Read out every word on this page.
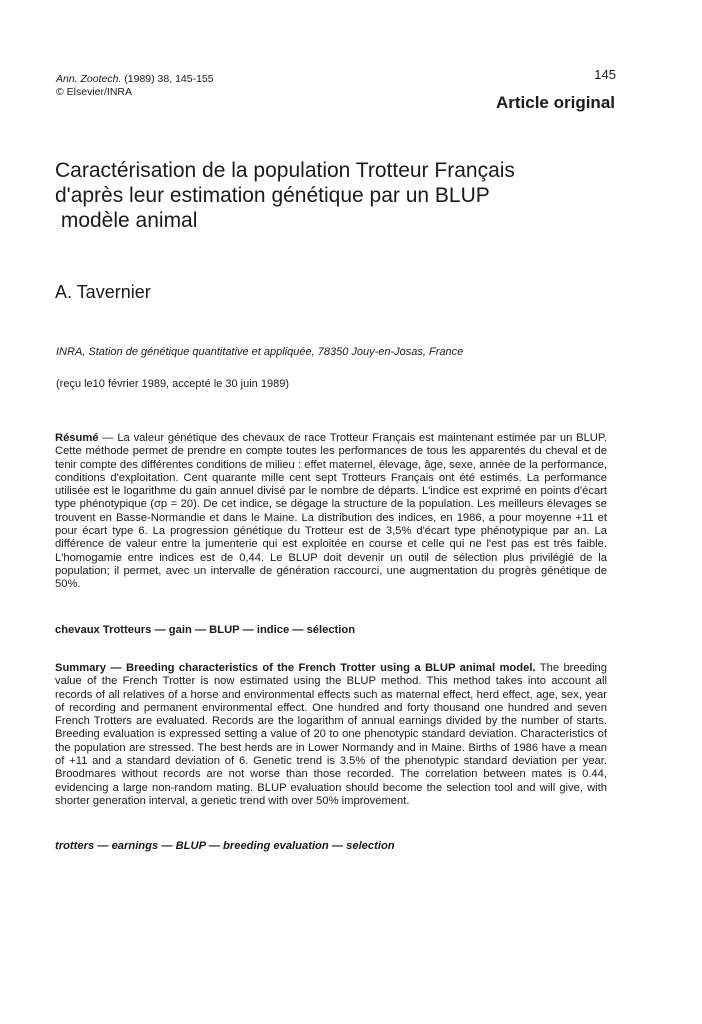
Ann. Zootech. (1989) 38, 145-155
© Elsevier/INRA
145
Article original
Caractérisation de la population Trotteur Français
d'après leur estimation génétique par un BLUP
modèle animal
A. Tavernier
INRA, Station de génétique quantitative et appliquée, 78350 Jouy-en-Josas, France
(reçu le10 février 1989, accepté le 30 juin 1989)
Résumé — La valeur génétique des chevaux de race Trotteur Français est maintenant estimée par un BLUP. Cette méthode permet de prendre en compte toutes les performances de tous les apparentés du cheval et de tenir compte des différentes conditions de milieu : effet maternel, élevage, âge, sexe, année de la performance, conditions d'exploitation. Cent quarante mille cent sept Trotteurs Français ont été estimés. La performance utilisée est le logarithme du gain annuel divisé par le nombre de départs. L'indice est exprimé en points d'écart type phénotypique (σp = 20). De cet indice, se dégage la structure de la population. Les meilleurs élevages se trouvent en Basse-Normandie et dans le Maine. La distribution des indices, en 1986, a pour moyenne +11 et pour écart type 6. La progression génétique du Trotteur est de 3,5% d'écart type phénotypique par an. La différence de valeur entre la jumenterie qui est exploitée en course et celle qui ne l'est pas est très faible. L'homogamie entre indices est de 0,44. Le BLUP doit devenir un outil de sélection plus privilégié de la population; il permet, avec un intervalle de génération raccourci, une augmentation du progrès génétique de 50%.
chevaux Trotteurs — gain — BLUP — indice — sélection
Summary — Breeding characteristics of the French Trotter using a BLUP animal model. The breeding value of the French Trotter is now estimated using the BLUP method. This method takes into account all records of all relatives of a horse and environmental effects such as maternal effect, herd effect, age, sex, year of recording and permanent environmental effect. One hundred and forty thousand one hundred and seven French Trotters are evaluated. Records are the logarithm of annual earnings divided by the number of starts. Breeding evaluation is expressed setting a value of 20 to one phenotypic standard deviation. Characteristics of the population are stressed. The best herds are in Lower Normandy and in Maine. Births of 1986 have a mean of +11 and a standard deviation of 6. Genetic trend is 3.5% of the phenotypic standard deviation per year. Broodmares without records are not worse than those recorded. The correlation between mates is 0.44, evidencing a large non-random mating. BLUP evaluation should become the selection tool and will give, with shorter generation interval, a genetic trend with over 50% improvement.
trotters — earnings — BLUP — breeding evaluation — selection
